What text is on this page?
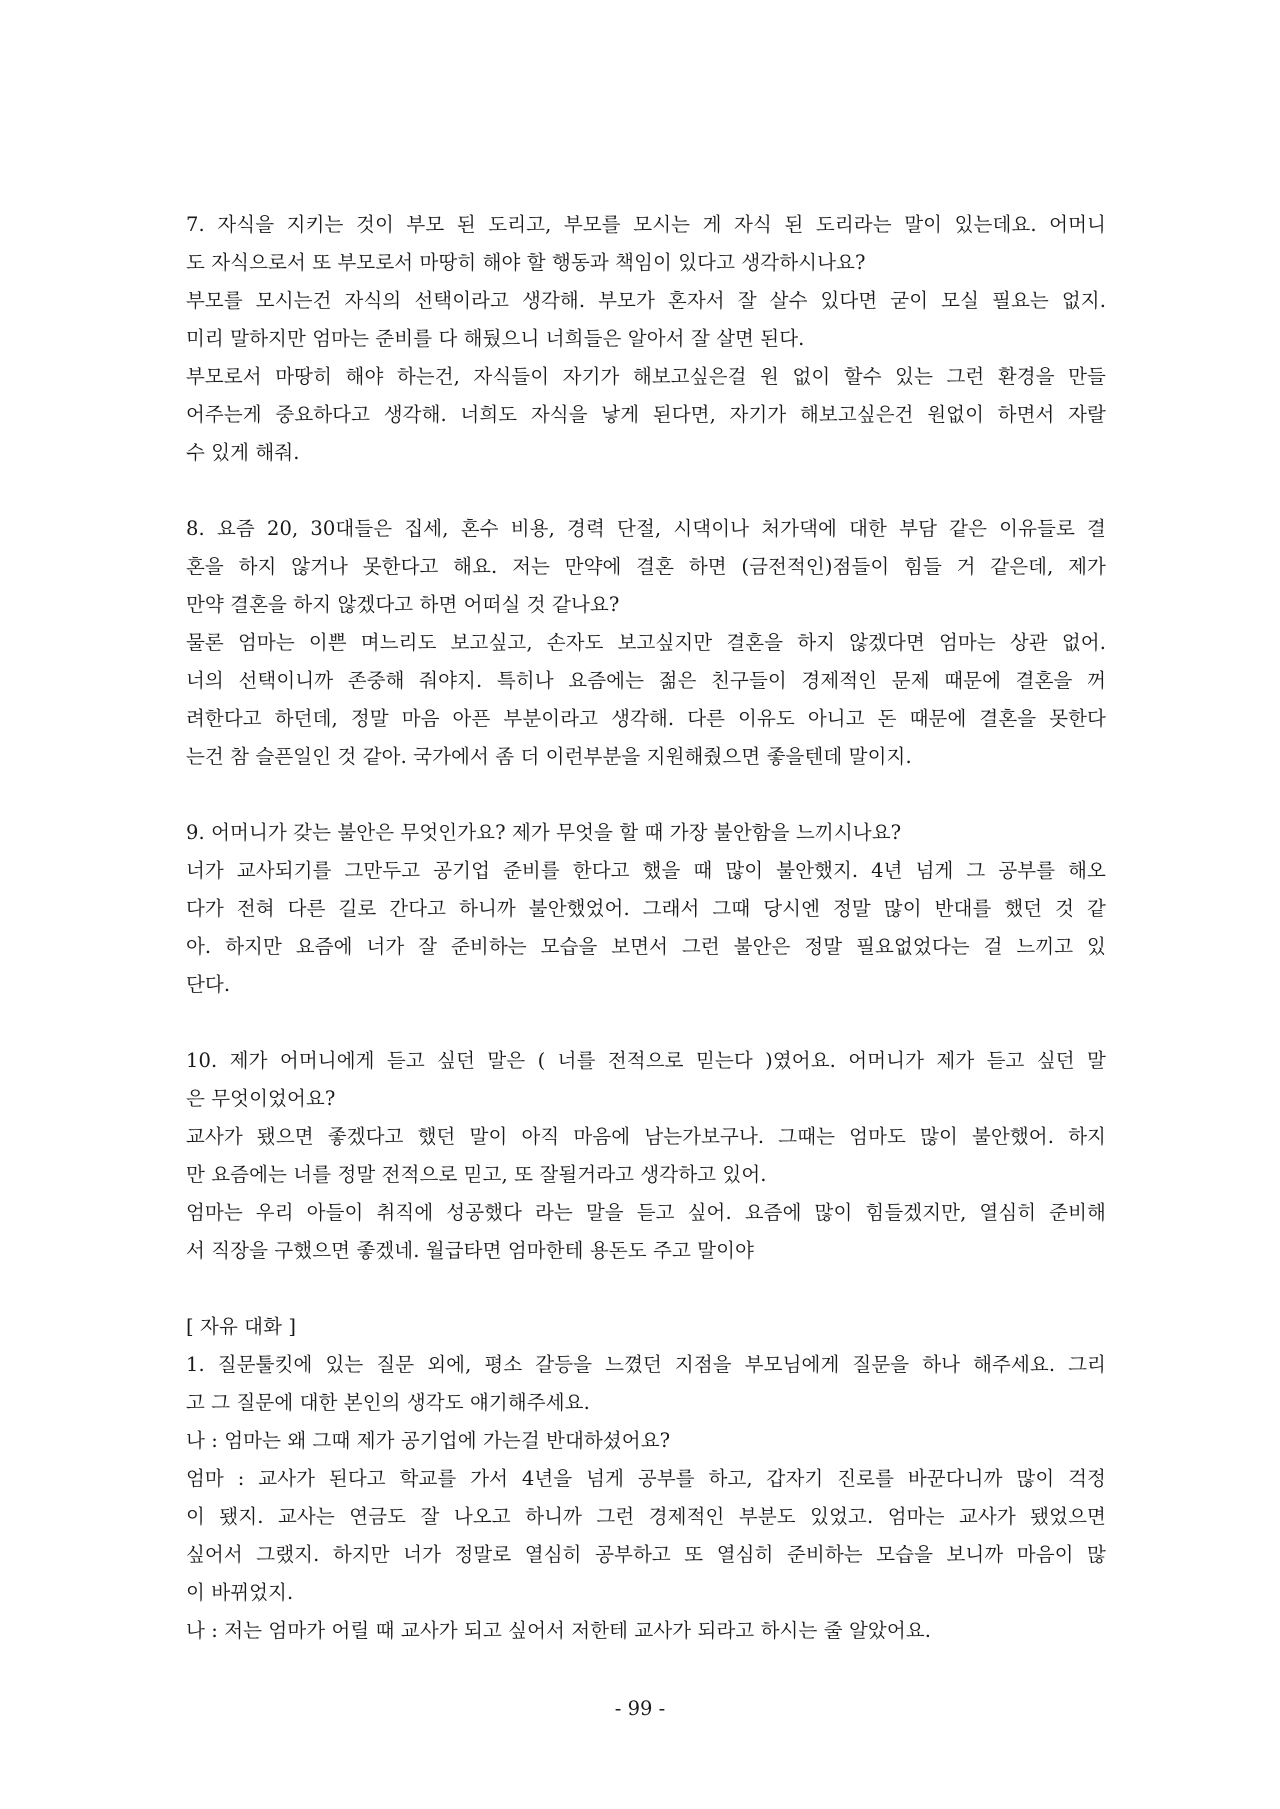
7. 자식을 지키는 것이 부모 된 도리고, 부모를 모시는 게 자식 된 도리라는 말이 있는데요. 어머니
도 자식으로서 또 부모로서 마땅히 해야 할 행동과 책임이 있다고 생각하시나요?
부모를 모시는건 자식의 선택이라고 생각해. 부모가 혼자서 잘 살수 있다면 굳이 모실 필요는 없지.
미리 말하지만 엄마는 준비를 다 해뒀으니 너희들은 알아서 잘 살면 된다.
부모로서 마땅히 해야 하는건, 자식들이 자기가 해보고싶은걸 원 없이 할수 있는 그런 환경을 만들
어주는게 중요하다고 생각해. 너희도 자식을 낳게 된다면, 자기가 해보고싶은건 원없이 하면서 자랄
수 있게 해줘.
8. 요즘 20, 30대들은 집세, 혼수 비용, 경력 단절, 시댁이나 처가댁에 대한 부담 같은 이유들로 결
혼을 하지 않거나 못한다고 해요. 저는 만약에 결혼 하면 (금전적인)점들이 힘들 거 같은데, 제가
만약 결혼을 하지 않겠다고 하면 어떠실 것 같나요?
물론 엄마는 이쁜 며느리도 보고싶고, 손자도 보고싶지만 결혼을 하지 않겠다면 엄마는 상관 없어.
너의 선택이니까 존중해 줘야지. 특히나 요즘에는 젊은 친구들이 경제적인 문제 때문에 결혼을 꺼
려한다고 하던데, 정말 마음 아픈 부분이라고 생각해. 다른 이유도 아니고 돈 때문에 결혼을 못한다
는건 참 슬픈일인 것 같아. 국가에서 좀 더 이런부분을 지원해줬으면 좋을텐데 말이지.
9. 어머니가 갖는 불안은 무엇인가요? 제가 무엇을 할 때 가장 불안함을 느끼시나요?
너가 교사되기를 그만두고 공기업 준비를 한다고 했을 때 많이 불안했지. 4년 넘게 그 공부를 해오
다가 전혀 다른 길로 간다고 하니까 불안했었어. 그래서 그때 당시엔 정말 많이 반대를 했던 것 같
아. 하지만 요즘에 너가 잘 준비하는 모습을 보면서 그런 불안은 정말 필요없었다는 걸 느끼고 있
단다.
10. 제가 어머니에게 듣고 싶던 말은 ( 너를 전적으로 믿는다 )였어요. 어머니가 제가 듣고 싶던 말
은 무엇이었어요?
교사가 됐으면 좋겠다고 했던 말이 아직 마음에 남는가보구나. 그때는 엄마도 많이 불안했어. 하지
만 요즘에는 너를 정말 전적으로 믿고, 또 잘될거라고 생각하고 있어.
엄마는 우리 아들이 취직에 성공했다 라는 말을 듣고 싶어. 요즘에 많이 힘들겠지만, 열심히 준비해
서 직장을 구했으면 좋겠네. 월급타면 엄마한테 용돈도 주고 말이야
[ 자유 대화 ]
1. 질문툴킷에 있는 질문 외에, 평소 갈등을 느꼈던 지점을 부모님에게 질문을 하나 해주세요. 그리
고 그 질문에 대한 본인의 생각도 얘기해주세요.
나 : 엄마는 왜 그때 제가 공기업에 가는걸 반대하셨어요?
엄마 : 교사가 된다고 학교를 가서 4년을 넘게 공부를 하고, 갑자기 진로를 바꾼다니까 많이 걱정
이 됐지. 교사는 연금도 잘 나오고 하니까 그런 경제적인 부분도 있었고. 엄마는 교사가 됐었으면
싶어서 그랬지. 하지만 너가 정말로 열심히 공부하고 또 열심히 준비하는 모습을 보니까 마음이 많
이 바뀌었지.
나 : 저는 엄마가 어릴 때 교사가 되고 싶어서 저한테 교사가 되라고 하시는 줄 알았어요.
- 99 -
